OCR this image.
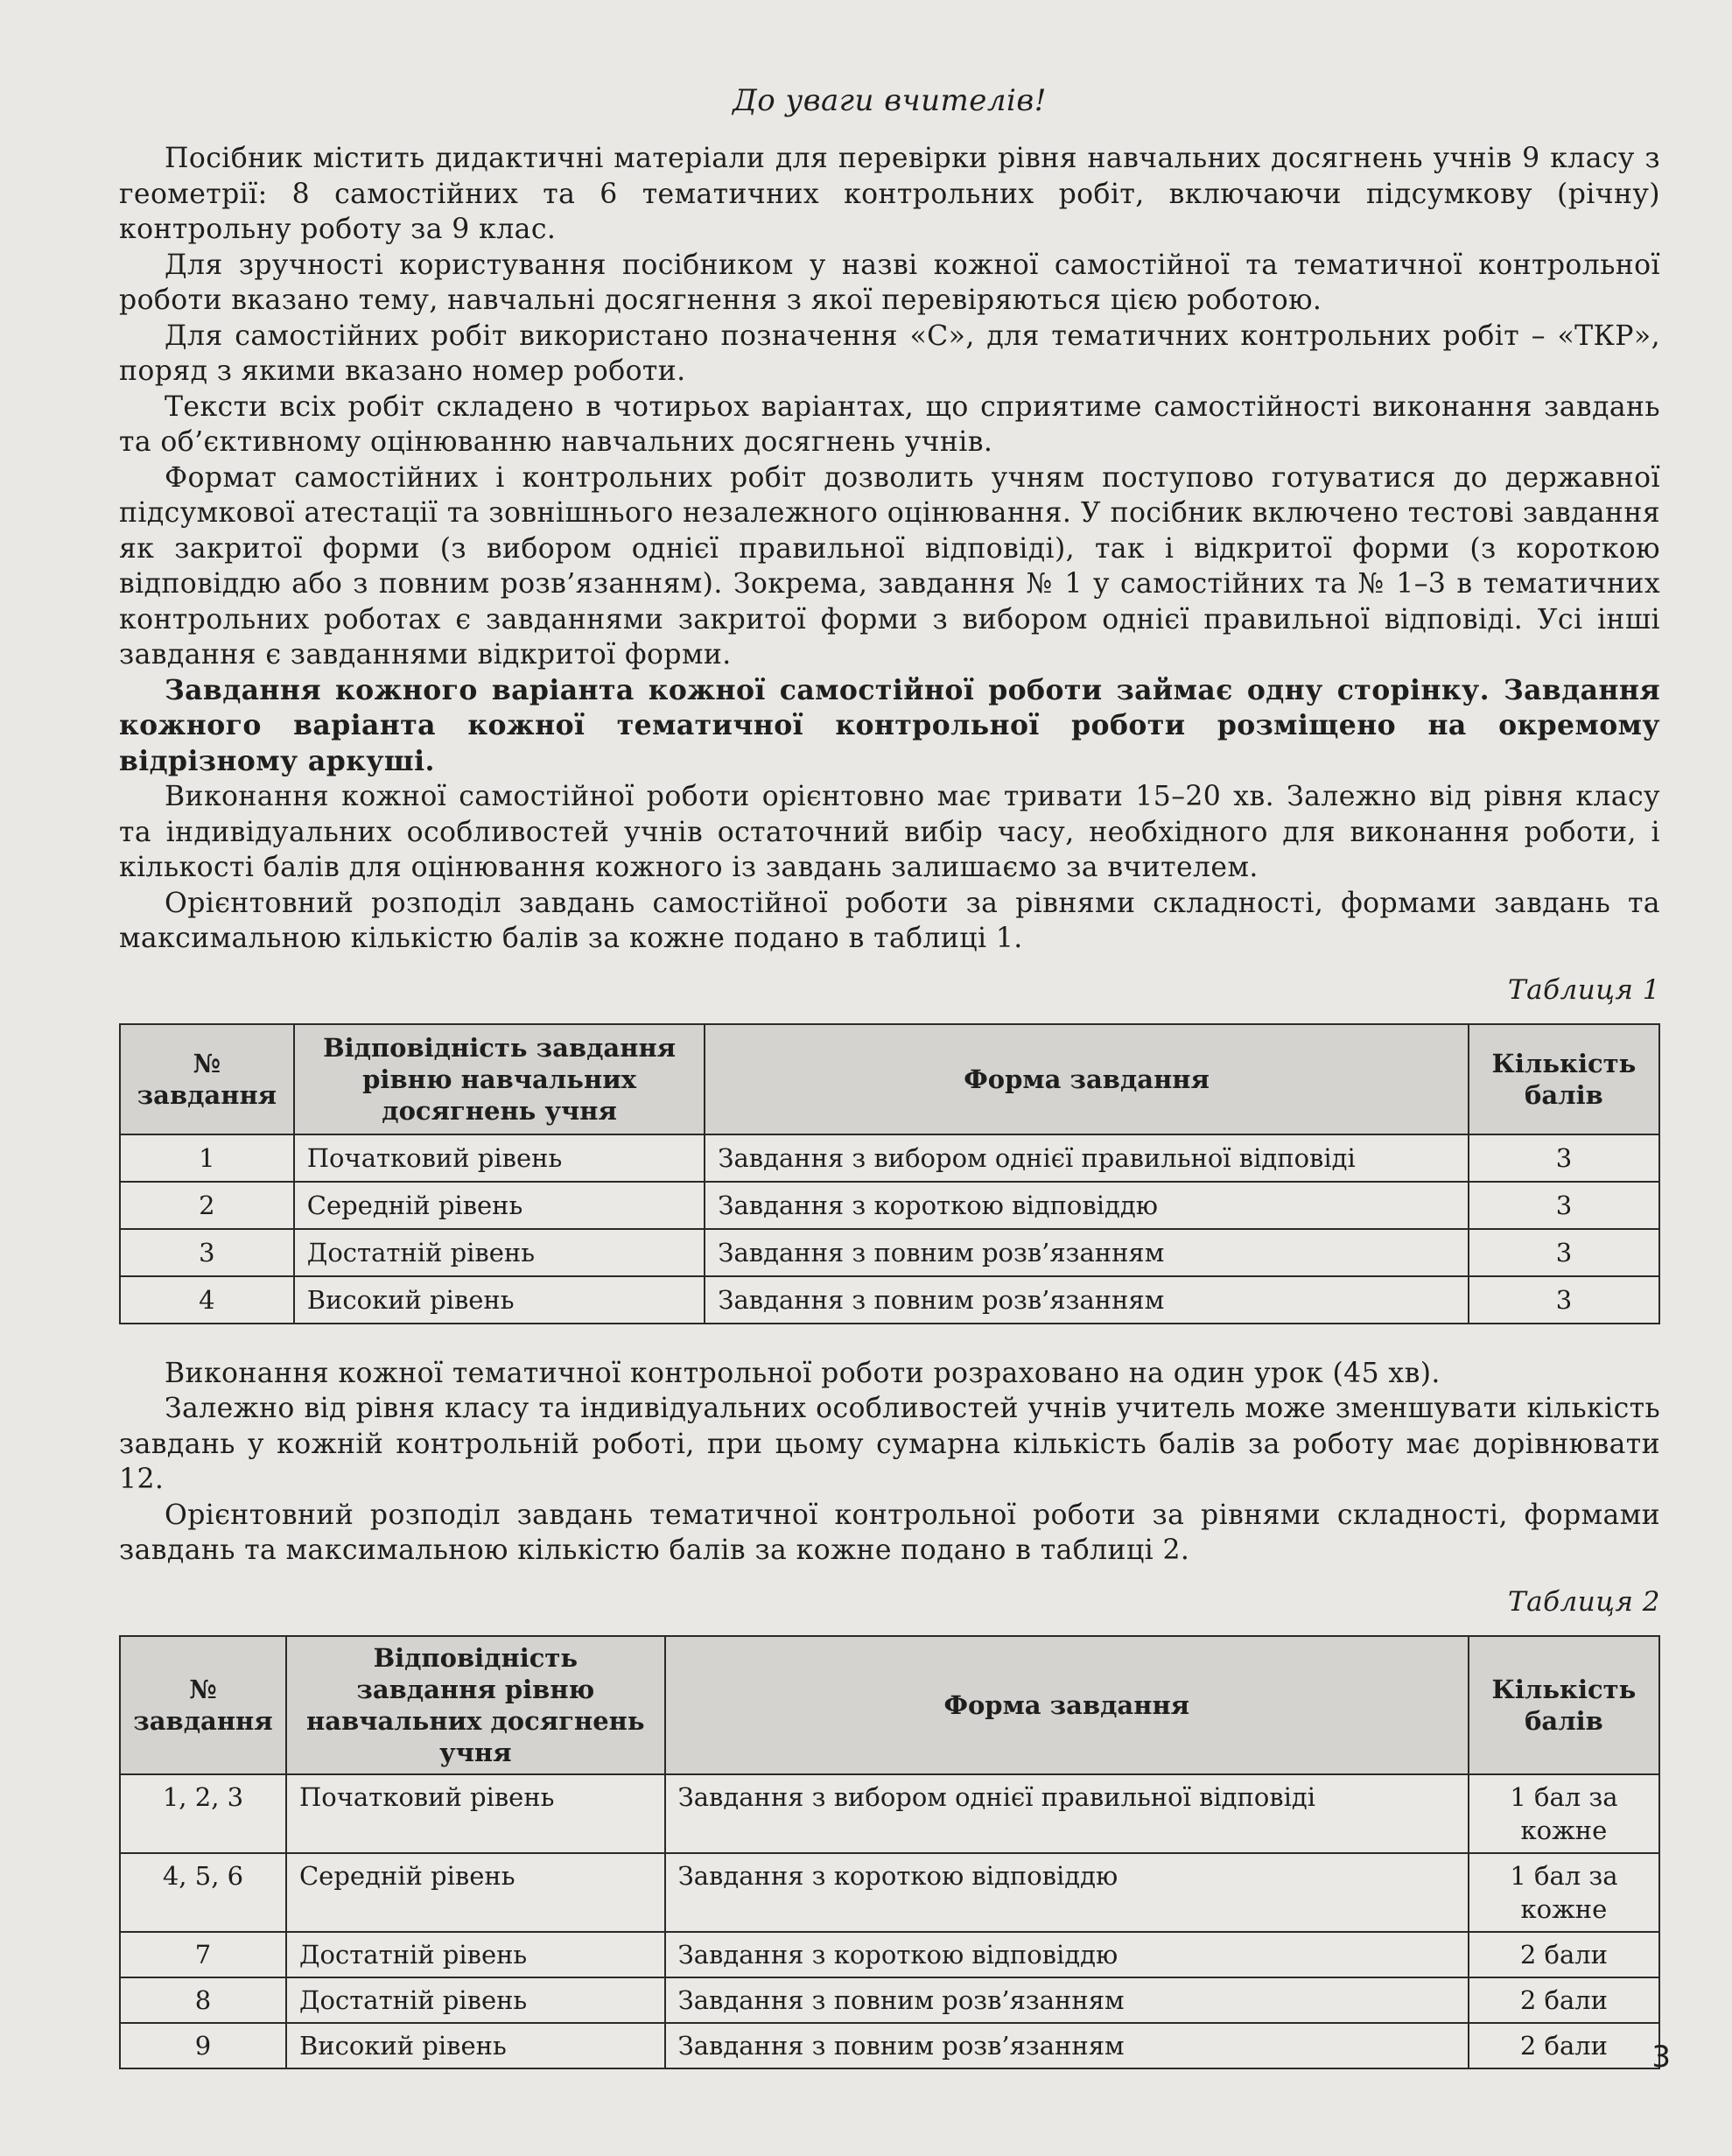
До уваги вчителів!

Посібник містить дидактичні матеріали для перевірки рівня навчальних досягнень учнів 9 класу з геометрії: 8 самостійних та 6 тематичних контрольних робіт, включаючи підсумкову (річну) контрольну роботу за 9 клас.

Для зручності користування посібником у назві кожної самостійної та тематичної контрольної роботи вказано тему, навчальні досягнення з якої перевіряються цією роботою.

Для самостійних робіт використано позначення «С», для тематичних контрольних робіт – «ТКР», поряд з якими вказано номер роботи.

Тексти всіх робіт складено в чотирьох варіантах, що сприятиме самостійності виконання завдань та об’єктивному оцінюванню навчальних досягнень учнів.

Формат самостійних і контрольних робіт дозволить учням поступово готуватися до державної підсумкової атестації та зовнішнього незалежного оцінювання. У посібник включено тестові завдання як закритої форми (з вибором однієї правильної відповіді), так і відкритої форми (з короткою відповіддю або з повним розв’язанням). Зокрема, завдання № 1 у самостійних та № 1–3 в тематичних контрольних роботах є завданнями закритої форми з вибором однієї правильної відповіді. Усі інші завдання є завданнями відкритої форми.

Завдання кожного варіанта кожної самостійної роботи займає одну сторінку. Завдання кожного варіанта кожної тематичної контрольної роботи розміщено на окремому відрізному аркуші.

Виконання кожної самостійної роботи орієнтовно має тривати 15–20 хв. Залежно від рівня класу та індивідуальних особливостей учнів остаточний вибір часу, необхідного для виконання роботи, і кількості балів для оцінювання кожного із завдань залишаємо за вчителем.

Орієнтовний розподіл завдань самостійної роботи за рівнями складності, формами завдань та максимальною кількістю балів за кожне подано в таблиці 1.

Таблиця 1
№ завдання	Відповідність завдання рівню навчальних досягнень учня	Форма завдання	Кількість балів
1	Початковий рівень	Завдання з вибором однієї правильної відповіді	3
2	Середній рівень	Завдання з короткою відповіддю	3
3	Достатній рівень	Завдання з повним розв’язанням	3
4	Високий рівень	Завдання з повним розв’язанням	3

Виконання кожної тематичної контрольної роботи розраховано на один урок (45 хв).

Залежно від рівня класу та індивідуальних особливостей учнів учитель може зменшувати кількість завдань у кожній контрольній роботі, при цьому сумарна кількість балів за роботу має дорівнювати 12.

Орієнтовний розподіл завдань тематичної контрольної роботи за рівнями складності, формами завдань та максимальною кількістю балів за кожне подано в таблиці 2.

Таблиця 2
№ завдання	Відповідність завдання рівню навчальних досягнень учня	Форма завдання	Кількість балів
1, 2, 3	Початковий рівень	Завдання з вибором однієї правильної відповіді	1 бал за кожне
4, 5, 6	Середній рівень	Завдання з короткою відповіддю	1 бал за кожне
7	Достатній рівень	Завдання з короткою відповіддю	2 бали
8	Достатній рівень	Завдання з повним розв’язанням	2 бали
9	Високий рівень	Завдання з повним розв’язанням	2 бали 3
